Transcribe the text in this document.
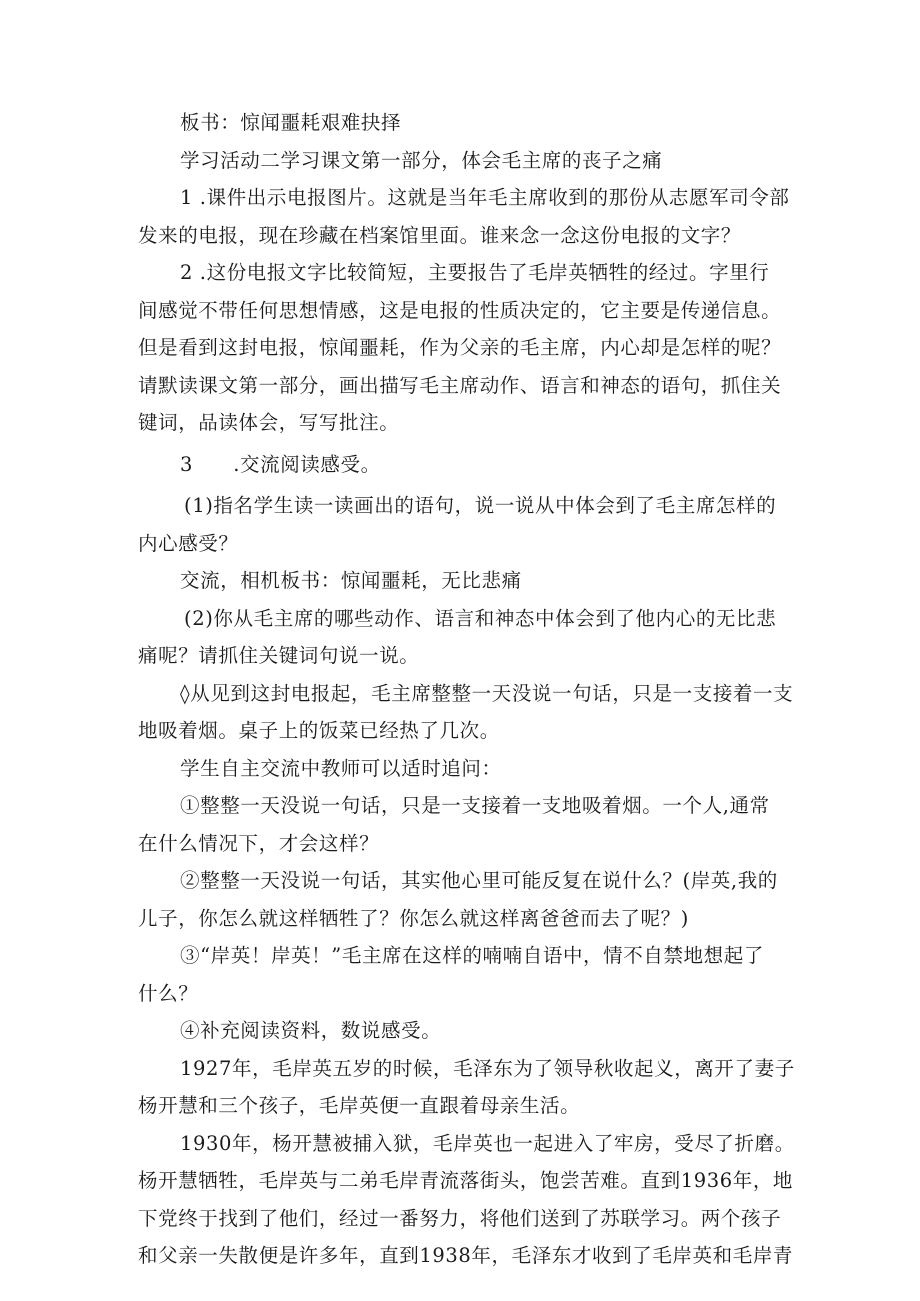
板书：惊闻噩耗艰难抉择
学习活动二学习课文第一部分，体会毛主席的丧子之痛
1 .课件出示电报图片。这就是当年毛主席收到的那份从志愿军司令部
发来的电报，现在珍藏在档案馆里面。谁来念一念这份电报的文字？
2 .这份电报文字比较简短，主要报告了毛岸英牺牲的经过。字里行
间感觉不带任何思想情感，这是电报的性质决定的，它主要是传递信息。
但是看到这封电报，惊闻噩耗，作为父亲的毛主席，内心却是怎样的呢？
请默读课文第一部分，画出描写毛主席动作、语言和神态的语句，抓住关
键词，品读体会，写写批注。
3　　.交流阅读感受。
(1)指名学生读一读画出的语句，说一说从中体会到了毛主席怎样的
内心感受？
交流，相机板书：惊闻噩耗，无比悲痛
(2)你从毛主席的哪些动作、语言和神态中体会到了他内心的无比悲
痛呢？请抓住关键词句说一说。
◊从见到这封电报起，毛主席整整一天没说一句话，只是一支接着一支
地吸着烟。桌子上的饭菜已经热了几次。
学生自主交流中教师可以适时追问：
①整整一天没说一句话，只是一支接着一支地吸着烟。一个人,通常
在什么情况下，才会这样？
②整整一天没说一句话，其实他心里可能反复在说什么？(岸英,我的
儿子，你怎么就这样牺牲了？你怎么就这样离爸爸而去了呢？)
③“岸英！岸英！”毛主席在这样的喃喃自语中，情不自禁地想起了
什么？
④补充阅读资料，数说感受。
1927年，毛岸英五岁的时候，毛泽东为了领导秋收起义，离开了妻子
杨开慧和三个孩子，毛岸英便一直跟着母亲生活。
1930年，杨开慧被捕入狱，毛岸英也一起进入了牢房，受尽了折磨。
杨开慧牺牲，毛岸英与二弟毛岸青流落街头，饱尝苦难。直到1936年，地
下党终于找到了他们，经过一番努力，将他们送到了苏联学习。两个孩子
和父亲一失散便是许多年，直到1938年，毛泽东才收到了毛岸英和毛岸青
